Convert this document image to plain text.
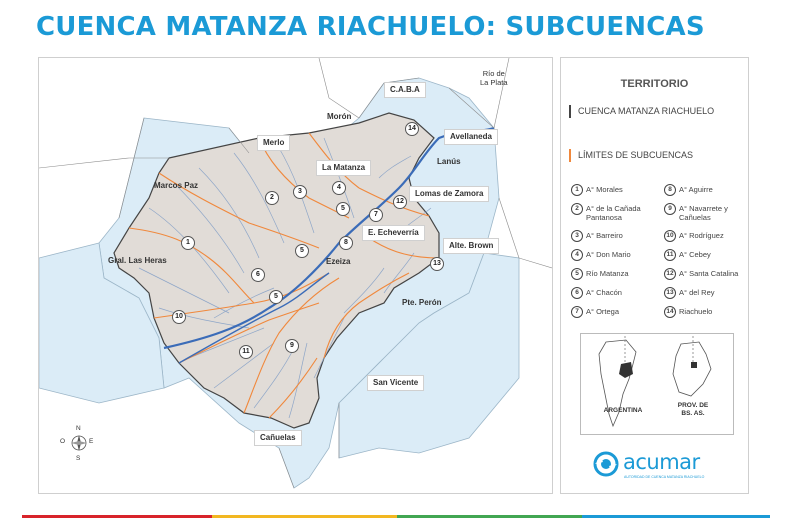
CUENCA MATANZA RIACHUELO: SUBCUENCAS
Río de
La Plata
C.A.B.A
Morón
Merlo
La Matanza
Avellaneda
Lanús
Lomas de Zamora
Marcos Paz
E. Echeverría
Alte. Brown
Gral. Las Heras	Ezeiza
Pte. Perón
San Vicente
Cañuelas
1
2
3
4
5
5
5
6
7
8
9
10
11
12
13
14
N
S
E
O
TERRITORIO
CUENCA MATANZA RIACHUELO
LÍMITES DE SUBCUENCAS
1 A° Morales
2 A° de la Cañada Pantanosa
3 A° Barreiro
4 A° Don Mario
5 Río Matanza
6 A° Chacón
7 A° Ortega
8 A° Aguirre
9 A° Navarrete y Cañuelas
10 A° Rodríguez
11 A° Cebey
12 A° Santa Catalina
13 A° del Rey
14 Riachuelo
ARGENTINA
PROV. DE
BS. AS.
acumar
AUTORIDAD DE CUENCA MATANZA RIACHUELO
